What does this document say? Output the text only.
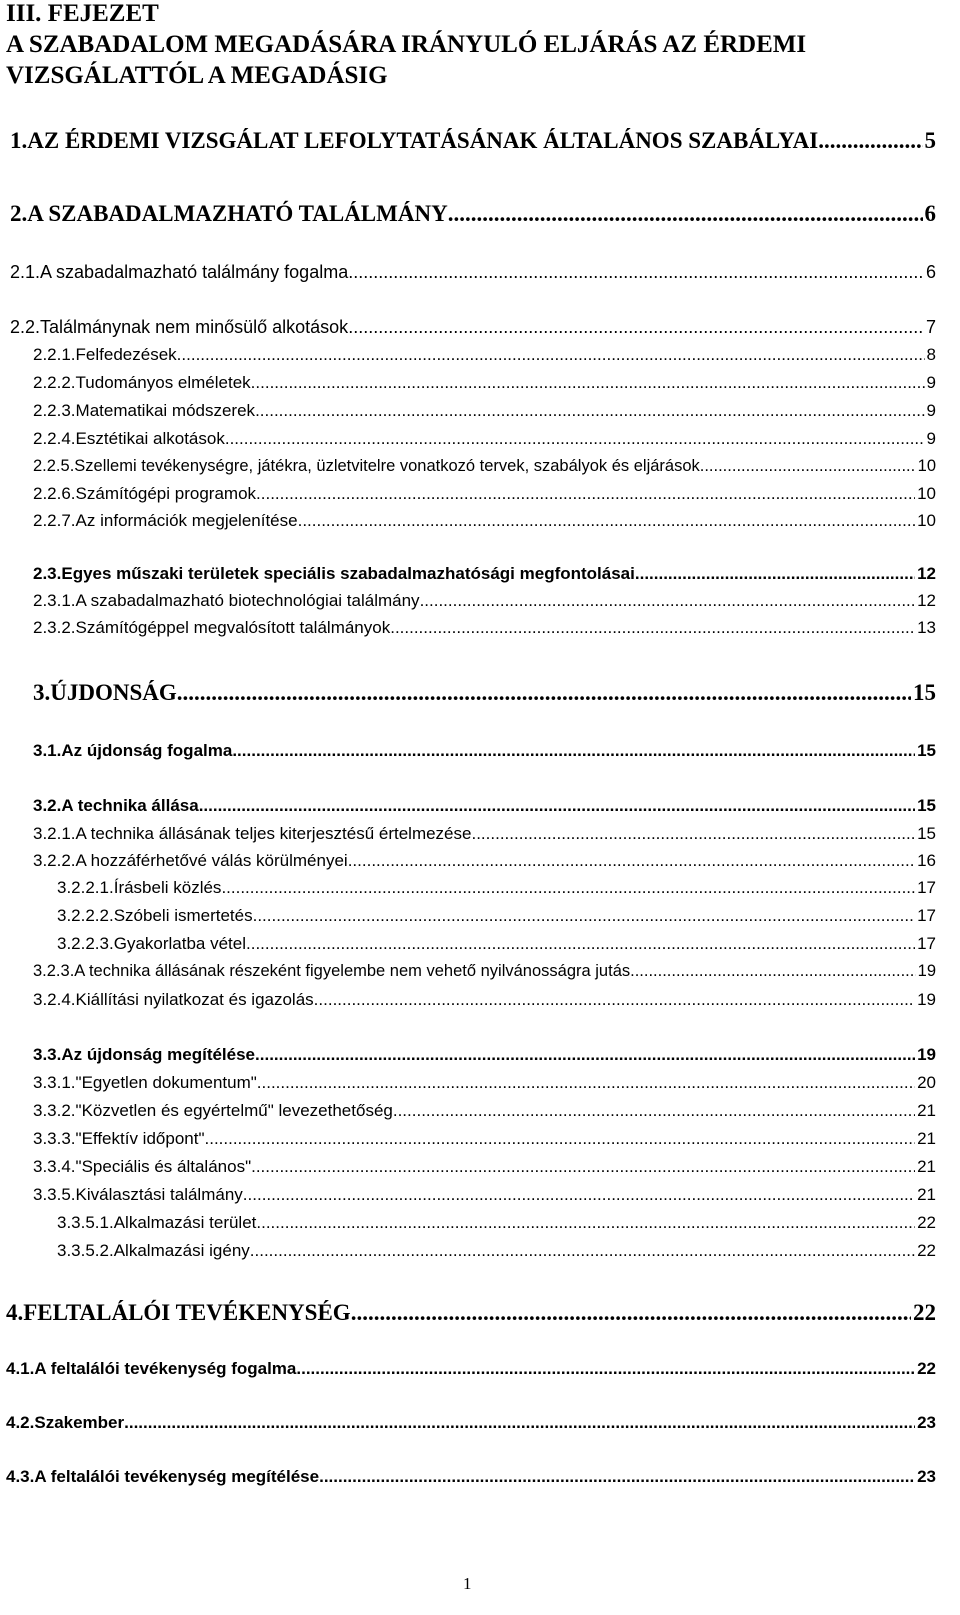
III. FEJEZET
A SZABADALOM MEGADÁSÁRA IRÁNYULÓ ELJÁRÁS AZ ÉRDEMI
VIZSGÁLATTÓL A MEGADÁSIG
1. AZ ÉRDEMI VIZSGÁLAT LEFOLYTATÁSÁNAK ÁLTALÁNOS SZABÁLYAI .....	5
2. A SZABADALMAZHATÓ TALÁLMÁNY .....	6
2.1. A szabadalmazható találmány fogalma .....	6
2.2. Találmánynak nem minősülő alkotások .....	7
2.2.1. Felfedezések .....	8
2.2.2. Tudományos elméletek .....	9
2.2.3. Matematikai módszerek .....	9
2.2.4. Esztétikai alkotások .....	9
2.2.5. Szellemi tevékenységre, játékra, üzletvitelre vonatkozó tervek, szabályok és eljárások .....	10
2.2.6. Számítógépi programok .....	10
2.2.7. Az információk megjelenítése .....	10
2.3. Egyes műszaki területek speciális szabadalmazhatósági megfontolásai .....	12
2.3.1. A szabadalmazható biotechnológiai találmány .....	12
2.3.2. Számítógéppel megvalósított találmányok .....	13
3. ÚJDONSÁG .....	15
3.1. Az újdonság fogalma .....	15
3.2. A technika állása .....	15
3.2.1. A technika állásának teljes kiterjesztésű értelmezése .....	15
3.2.2. A hozzáférhetővé válás körülményei .....	16
3.2.2.1. Írásbeli közlés .....	17
3.2.2.2. Szóbeli ismertetés .....	17
3.2.2.3. Gyakorlatba vétel .....	17
3.2.3. A technika állásának részeként figyelembe nem vehető nyilvánosságra jutás .....	19
3.2.4. Kiállítási nyilatkozat és igazolás .....	19
3.3. Az újdonság megítélése .....	19
3.3.1. "Egyetlen dokumentum" .....	20
3.3.2. "Közvetlen és egyértelmű" levezethetőség .....	21
3.3.3. "Effektív időpont" .....	21
3.3.4. "Speciális és általános" .....	21
3.3.5. Kiválasztási találmány .....	21
3.3.5.1. Alkalmazási terület .....	22
3.3.5.2. Alkalmazási igény .....	22
4. FELTALÁLÓI TEVÉKENYSÉG .....	22
4.1. A feltalálói tevékenység fogalma .....	22
4.2. Szakember .....	23
4.3. A feltalálói tevékenység megítélése .....	23
1
